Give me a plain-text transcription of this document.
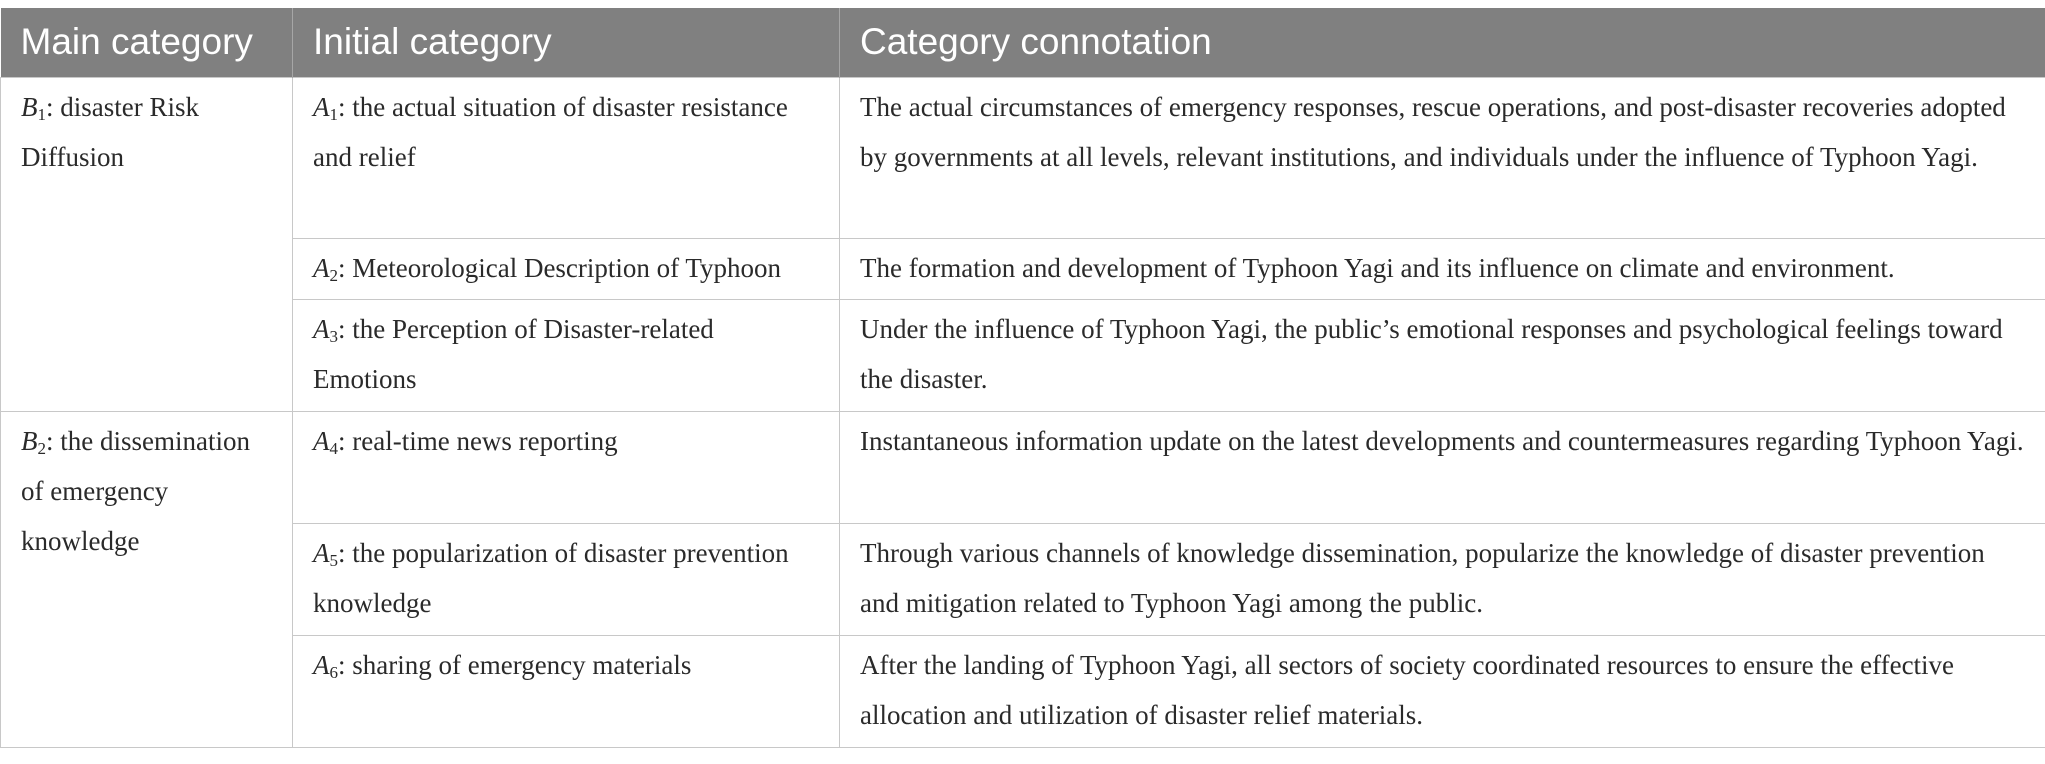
Main category	Initial category	Category connotation
$B_1$: disaster Risk Diffusion	$A_1$: the actual situation of disaster resistance and relief	The actual circumstances of emergency responses, rescue operations, and post-disaster recoveries adopted by governments at all levels, relevant institutions, and individuals under the influence of Typhoon Yagi.
	$A_2$: Meteorological Description of Typhoon	The formation and development of Typhoon Yagi and its influence on climate and environment.
	$A_3$: the Perception of Disaster-related Emotions	Under the influence of Typhoon Yagi, the public’s emotional responses and psychological feelings toward the disaster.
$B_2$: the dissemination of emergency knowledge	$A_4$: real-time news reporting	Instantaneous information update on the latest developments and countermeasures regarding Typhoon Yagi.
	$A_5$: the popularization of disaster prevention knowledge	Through various channels of knowledge dissemination, popularize the knowledge of disaster prevention and mitigation related to Typhoon Yagi among the public.
	$A_6$: sharing of emergency materials	After the landing of Typhoon Yagi, all sectors of society coordinated resources to ensure the effective allocation and utilization of disaster relief materials.
